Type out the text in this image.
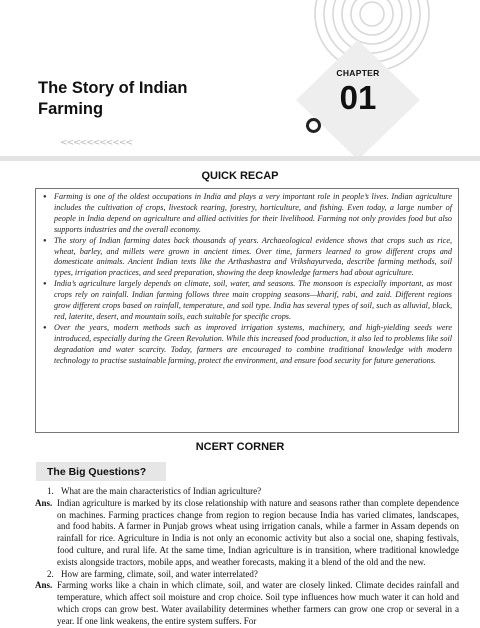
The Story of Indian Farming
CHAPTER
01
<<<<<<<<<<<
QUICK RECAP
● Farming is one of the oldest occupations in India and plays a very important role in people’s lives. Indian agriculture includes the cultivation of crops, livestock rearing, forestry, horticulture, and fishing. Even today, a large number of people in India depend on agriculture and allied activities for their livelihood. Farming not only provides food but also supports industries and the overall economy.
● The story of Indian farming dates back thousands of years. Archaeological evidence shows that crops such as rice, wheat, barley, and millets were grown in ancient times. Over time, farmers learned to grow different crops and domesticate animals. Ancient Indian texts like the Arthashastra and Vrikshayurveda, describe farming methods, soil types, irrigation practices, and seed preparation, showing the deep knowledge farmers had about agriculture.
● India’s agriculture largely depends on climate, soil, water, and seasons. The monsoon is especially important, as most crops rely on rainfall. Indian farming follows three main cropping seasons—kharif, rabi, and zaid. Different regions grow different crops based on rainfall, temperature, and soil type. India has several types of soil, such as alluvial, black, red, laterite, desert, and mountain soils, each suitable for specific crops.
● Over the years, modern methods such as improved irrigation systems, machinery, and high-yielding seeds were introduced, especially during the Green Revolution. While this increased food production, it also led to problems like soil degradation and water scarcity. Today, farmers are encouraged to combine traditional knowledge with modern technology to practise sustainable farming, protect the environment, and ensure food security for future generations.
NCERT CORNER
The Big Questions?
1. What are the main characteristics of Indian agriculture?
Ans. Indian agriculture is marked by its close relationship with nature and seasons rather than complete dependence on machines. Farming practices change from region to region because India has varied climates, landscapes, and food habits. A farmer in Punjab grows wheat using irrigation canals, while a farmer in Assam depends on rainfall for rice. Agriculture in India is not only an economic activity but also a social one, shaping festivals, food culture, and rural life. At the same time, Indian agriculture is in transition, where traditional knowledge exists alongside tractors, mobile apps, and weather forecasts, making it a blend of the old and the new.
2. How are farming, climate, soil, and water interrelated?
Ans. Farming works like a chain in which climate, soil, and water are closely linked. Climate decides rainfall and temperature, which affect soil moisture and crop choice. Soil type influences how much water it can hold and which crops can grow best. Water availability determines whether farmers can grow one crop or several in a year. If one link weakens, the entire system suffers. For
